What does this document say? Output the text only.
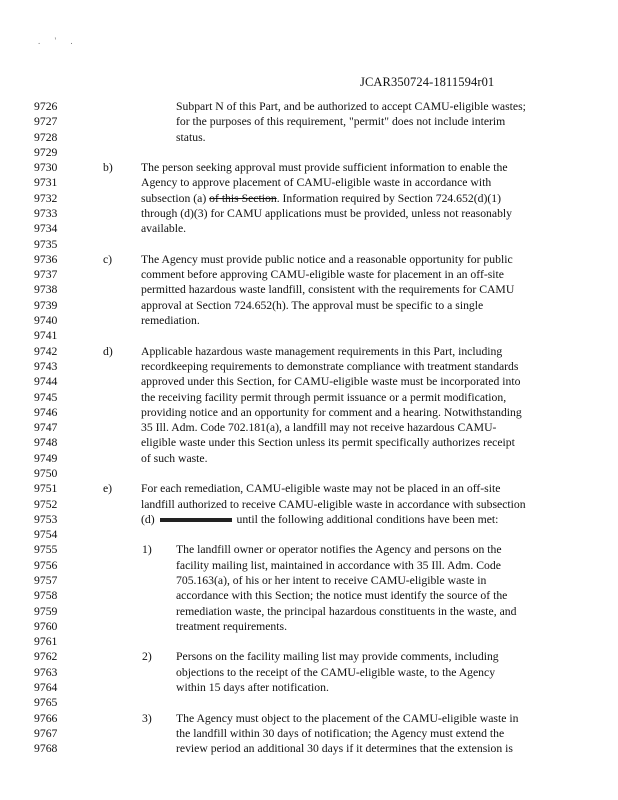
. ' .
JCAR350724-1811594r01
9726	Subpart N of this Part, and be authorized to accept CAMU-eligible wastes;
9727	for the purposes of this requirement, "permit" does not include interim
9728	status.
9729
9730	b) The person seeking approval must provide sufficient information to enable the
9731	Agency to approve placement of CAMU-eligible waste in accordance with
9732	subsection (a) of this Section. Information required by Section 724.652(d)(1)
9733	through (d)(3) for CAMU applications must be provided, unless not reasonably
9734	available.
9735
9736	c) The Agency must provide public notice and a reasonable opportunity for public
9737	comment before approving CAMU-eligible waste for placement in an off-site
9738	permitted hazardous waste landfill, consistent with the requirements for CAMU
9739	approval at Section 724.652(h). The approval must be specific to a single
9740	remediation.
9741
9742	d) Applicable hazardous waste management requirements in this Part, including
9743	recordkeeping requirements to demonstrate compliance with treatment standards
9744	approved under this Section, for CAMU-eligible waste must be incorporated into
9745	the receiving facility permit through permit issuance or a permit modification,
9746	providing notice and an opportunity for comment and a hearing. Notwithstanding
9747	35 Ill. Adm. Code 702.181(a), a landfill may not receive hazardous CAMU-
9748	eligible waste under this Section unless its permit specifically authorizes receipt
9749	of such waste.
9750
9751	e) For each remediation, CAMU-eligible waste may not be placed in an off-site
9752	landfill authorized to receive CAMU-eligible waste in accordance with subsection
9753	(d)	until the following additional conditions have been met:
9754
9755	1) The landfill owner or operator notifies the Agency and persons on the
9756	facility mailing list, maintained in accordance with 35 Ill. Adm. Code
9757	705.163(a), of his or her intent to receive CAMU-eligible waste in
9758	accordance with this Section; the notice must identify the source of the
9759	remediation waste, the principal hazardous constituents in the waste, and
9760	treatment requirements.
9761
9762	2) Persons on the facility mailing list may provide comments, including
9763	objections to the receipt of the CAMU-eligible waste, to the Agency
9764	within 15 days after notification.
9765
9766	3) The Agency must object to the placement of the CAMU-eligible waste in
9767	the landfill within 30 days of notification; the Agency must extend the
9768	review period an additional 30 days if it determines that the extension is
